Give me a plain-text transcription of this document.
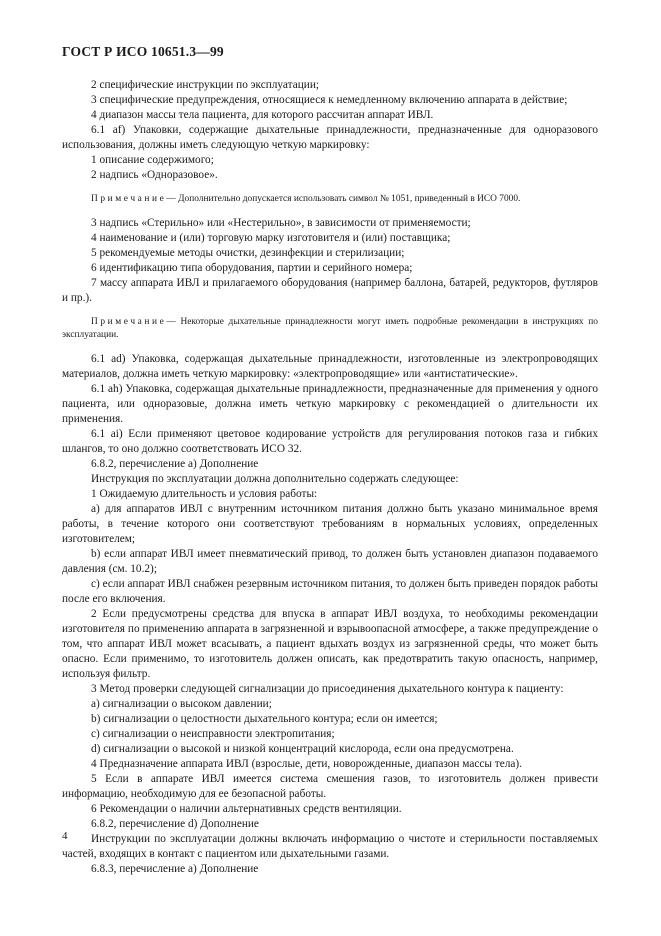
ГОСТ Р ИСО 10651.3—99

2 специфические инструкции по эксплуатации;

3 специфические предупреждения, относящиеся к немедленному включению аппарата в действие;

4 диапазон массы тела пациента, для которого рассчитан аппарат ИВЛ.

6.1 af) Упаковки, содержащие дыхательные принадлежности, предназначенные для одноразового использования, должны иметь следующую четкую маркировку:

1 описание содержимого;

2 надпись «Одноразовое».

Примечание— Дополнительно допускается использовать символ № 1051, приведенный в ИСО 7000.

3 надпись «Стерильно» или «Нестерильно», в зависимости от применяемости;

4 наименование и (или) торговую марку изготовителя и (или) поставщика;

5 рекомендуемые методы очистки, дезинфекции и стерилизации;

6 идентификацию типа оборудования, партии и серийного номера;

7 массу аппарата ИВЛ и прилагаемого оборудования (например баллона, батарей, редукторов, футляров и пр.).

Примечание— Некоторые дыхательные принадлежности могут иметь подробные рекомендации в инструкциях по эксплуатации.

6.1 ad) Упаковка, содержащая дыхательные принадлежности, изготовленные из электропроводящих материалов, должна иметь четкую маркировку: «электропроводящие» или «антистатические».

6.1 ah) Упаковка, содержащая дыхательные принадлежности, предназначенные для применения у одного пациента, или одноразовые, должна иметь четкую маркировку с рекомендацией о длительности их применения.

6.1 ai) Если применяют цветовое кодирование устройств для регулирования потоков газа и гибких шлангов, то оно должно соответствовать ИСО 32.

6.8.2, перечисление а) Дополнение

Инструкция по эксплуатации должна дополнительно содержать следующее:

1 Ожидаемую длительность и условия работы:

a) для аппаратов ИВЛ с внутренним источником питания должно быть указано минимальное время работы, в течение которого они соответствуют требованиям в нормальных условиях, определенных изготовителем;

b) если аппарат ИВЛ имеет пневматический привод, то должен быть установлен диапазон подаваемого давления (см. 10.2);

c) если аппарат ИВЛ снабжен резервным источником питания, то должен быть приведен порядок работы после его включения.

2 Если предусмотрены средства для впуска в аппарат ИВЛ воздуха, то необходимы рекомендации изготовителя по применению аппарата в загрязненной и взрывоопасной атмосфере, а также предупреждение о том, что аппарат ИВЛ может всасывать, а пациент вдыхать воздух из загрязненной среды, что может быть опасно. Если применимо, то изготовитель должен описать, как предотвратить такую опасность, например, используя фильтр.

3 Метод проверки следующей сигнализации до присоединения дыхательного контура к пациенту:

a) сигнализации о высоком давлении;

b) сигнализации о целостности дыхательного контура; если он имеется;

c) сигнализации о неисправности электропитания;

d) сигнализации о высокой и низкой концентраций кислорода, если она предусмотрена.

4 Предназначение аппарата ИВЛ (взрослые, дети, новорожденные, диапазон массы тела).

5 Если в аппарате ИВЛ имеется система смешения газов, то изготовитель должен привести информацию, необходимую для ее безопасной работы.

6 Рекомендации о наличии альтернативных средств вентиляции.

6.8.2, перечисление d) Дополнение

Инструкции по эксплуатации должны включать информацию о чистоте и стерильности поставляемых частей, входящих в контакт с пациентом или дыхательными газами.

6.8.3, перечисление а) Дополнение

4
